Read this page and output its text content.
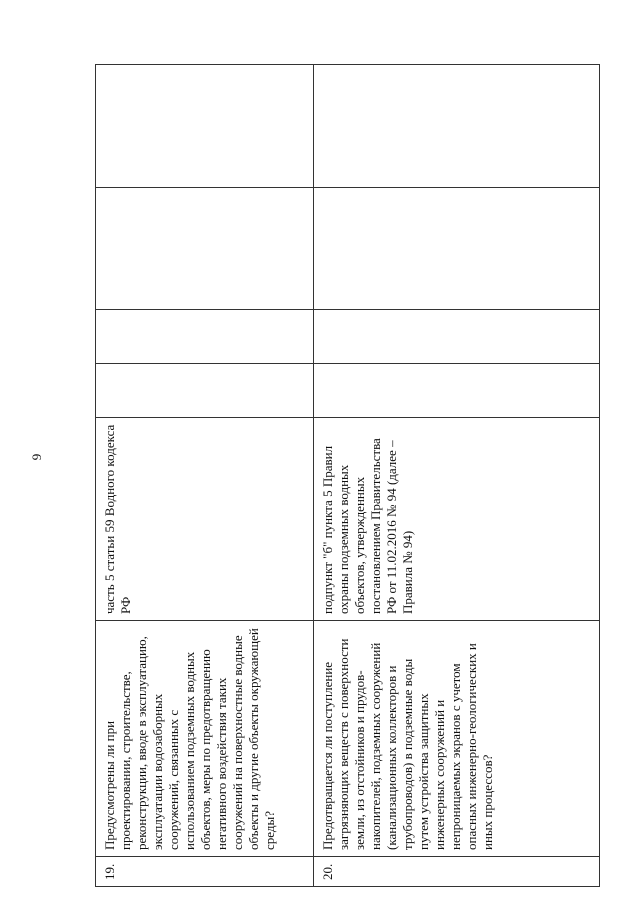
9
19.	Предусмотрены ли при проектировании, строительстве, реконструкции, вводе в эксплуатацию, эксплуатации водозаборных сооружений, связанных с использованием подземных водных объектов, меры по предотвращению негативного воздействия таких сооружений на поверхностные водные объекты и другие объекты окружающей среды?	часть 5 статьи 59 Водного кодекса РФ				
20.	Предотвращается ли поступление загрязняющих веществ с поверхности земли, из отстойников и прудов-накопителей, подземных сооружений (канализационных коллекторов и трубопроводов) в подземные воды путем устройства защитных инженерных сооружений и непроницаемых экранов с учетом опасных инженерно-геологических и иных процессов?	подпункт "б" пункта 5 Правил охраны подземных водных объектов, утвержденных постановлением Правительства РФ от 11.02.2016 № 94 (далее – Правила № 94)				
